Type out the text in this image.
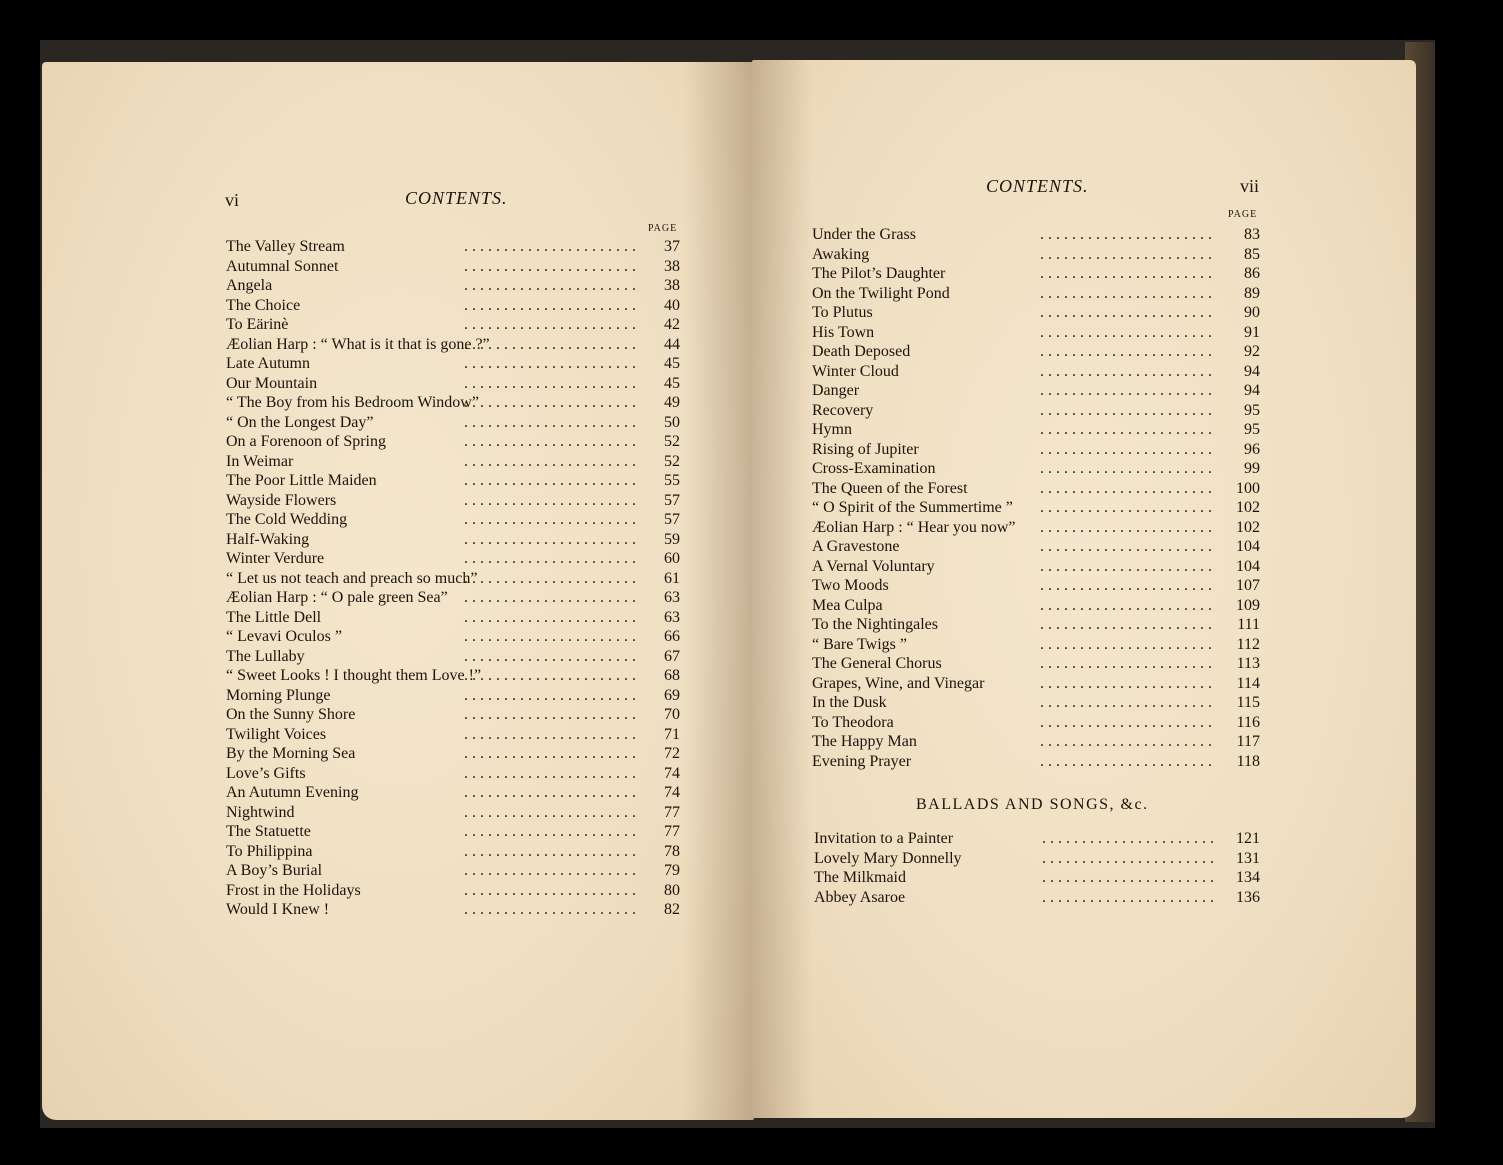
vi	CONTENTS.
PAGE
. . . . . . . . . . . . . . . . . . . . . .
The Valley Stream	37
. . . . . . . . . . . . . . . . . . . . . .
Autumnal Sonnet	38
. . . . . . . . . . . . . . . . . . . . . .
Angela	38
. . . . . . . . . . . . . . . . . . . . . .
The Choice	40
. . . . . . . . . . . . . . . . . . . . . .
To Eärinè	42
. . . . . . . . . . . . . . . . . . . . . .
Æolian Harp : “ What is it that is gone ?”	44
. . . . . . . . . . . . . . . . . . . . . .
Late Autumn	45
. . . . . . . . . . . . . . . . . . . . . .
Our Mountain	45
. . . . . . . . . . . . . . . . . . . . . .
“ The Boy from his Bedroom Window”	49
. . . . . . . . . . . . . . . . . . . . . .
“ On the Longest Day”	50
. . . . . . . . . . . . . . . . . . . . . .
On a Forenoon of Spring	52
. . . . . . . . . . . . . . . . . . . . . .
In Weimar	52
. . . . . . . . . . . . . . . . . . . . . .
The Poor Little Maiden	55
. . . . . . . . . . . . . . . . . . . . . .
Wayside Flowers	57
. . . . . . . . . . . . . . . . . . . . . .
The Cold Wedding	57
. . . . . . . . . . . . . . . . . . . . . .
Half-Waking	59
. . . . . . . . . . . . . . . . . . . . . .
Winter Verdure	60
. . . . . . . . . . . . . . . . . . . . . .
“ Let us not teach and preach so much”	61
. . . . . . . . . . . . . . . . . . . . . .
Æolian Harp : “ O pale green Sea”	63
. . . . . . . . . . . . . . . . . . . . . .
The Little Dell	63
. . . . . . . . . . . . . . . . . . . . . .
“ Levavi Oculos ”	66
. . . . . . . . . . . . . . . . . . . . . .
The Lullaby	67
. . . . . . . . . . . . . . . . . . . . . .
“ Sweet Looks ! I thought them Love !”	68
. . . . . . . . . . . . . . . . . . . . . .
Morning Plunge	69
. . . . . . . . . . . . . . . . . . . . . .
On the Sunny Shore	70
. . . . . . . . . . . . . . . . . . . . . .
Twilight Voices	71
. . . . . . . . . . . . . . . . . . . . . .
By the Morning Sea	72
. . . . . . . . . . . . . . . . . . . . . .
Love’s Gifts	74
. . . . . . . . . . . . . . . . . . . . . .
An Autumn Evening	74
. . . . . . . . . . . . . . . . . . . . . .
Nightwind	77
. . . . . . . . . . . . . . . . . . . . . .
The Statuette	77
. . . . . . . . . . . . . . . . . . . . . .
To Philippina	78
. . . . . . . . . . . . . . . . . . . . . .
A Boy’s Burial	79
. . . . . . . . . . . . . . . . . . . . . .
Frost in the Holidays	80
. . . . . . . . . . . . . . . . . . . . . .
Would I Knew !	82
CONTENTS.	vii
PAGE
. . . . . . . . . . . . . . . . . . . . . .
Under the Grass	83
. . . . . . . . . . . . . . . . . . . . . .
Awaking	85
. . . . . . . . . . . . . . . . . . . . . .
The Pilot’s Daughter	86
. . . . . . . . . . . . . . . . . . . . . .
On the Twilight Pond	89
. . . . . . . . . . . . . . . . . . . . . .
To Plutus	90
. . . . . . . . . . . . . . . . . . . . . .
His Town	91
. . . . . . . . . . . . . . . . . . . . . .
Death Deposed	92
. . . . . . . . . . . . . . . . . . . . . .
Winter Cloud	94
. . . . . . . . . . . . . . . . . . . . . .
Danger	94
. . . . . . . . . . . . . . . . . . . . . .
Recovery	95
. . . . . . . . . . . . . . . . . . . . . .
Hymn	95
. . . . . . . . . . . . . . . . . . . . . .
Rising of Jupiter	96
. . . . . . . . . . . . . . . . . . . . . .
Cross-Examination	99
. . . . . . . . . . . . . . . . . . . . . .
The Queen of the Forest	100
. . . . . . . . . . . . . . . . . . . . . .
“ O Spirit of the Summertime ”	102
. . . . . . . . . . . . . . . . . . . . . .
Æolian Harp : “ Hear you now”	102
. . . . . . . . . . . . . . . . . . . . . .
A Gravestone	104
. . . . . . . . . . . . . . . . . . . . . .
A Vernal Voluntary	104
. . . . . . . . . . . . . . . . . . . . . .
Two Moods	107
. . . . . . . . . . . . . . . . . . . . . .
Mea Culpa	109
. . . . . . . . . . . . . . . . . . . . . .
To the Nightingales	111
. . . . . . . . . . . . . . . . . . . . . .
“ Bare Twigs ”	112
. . . . . . . . . . . . . . . . . . . . . .
The General Chorus	113
. . . . . . . . . . . . . . . . . . . . . .
Grapes, Wine, and Vinegar	114
. . . . . . . . . . . . . . . . . . . . . .
In the Dusk	115
. . . . . . . . . . . . . . . . . . . . . .
To Theodora	116
. . . . . . . . . . . . . . . . . . . . . .
The Happy Man	117
. . . . . . . . . . . . . . . . . . . . . .
Evening Prayer	118
BALLADS AND SONGS, &c.
. . . . . . . . . . . . . . . . . . . . . .
Invitation to a Painter	121
. . . . . . . . . . . . . . . . . . . . . .
Lovely Mary Donnelly	131
. . . . . . . . . . . . . . . . . . . . . .
The Milkmaid	134
. . . . . . . . . . . . . . . . . . . . . .
Abbey Asaroe	136
